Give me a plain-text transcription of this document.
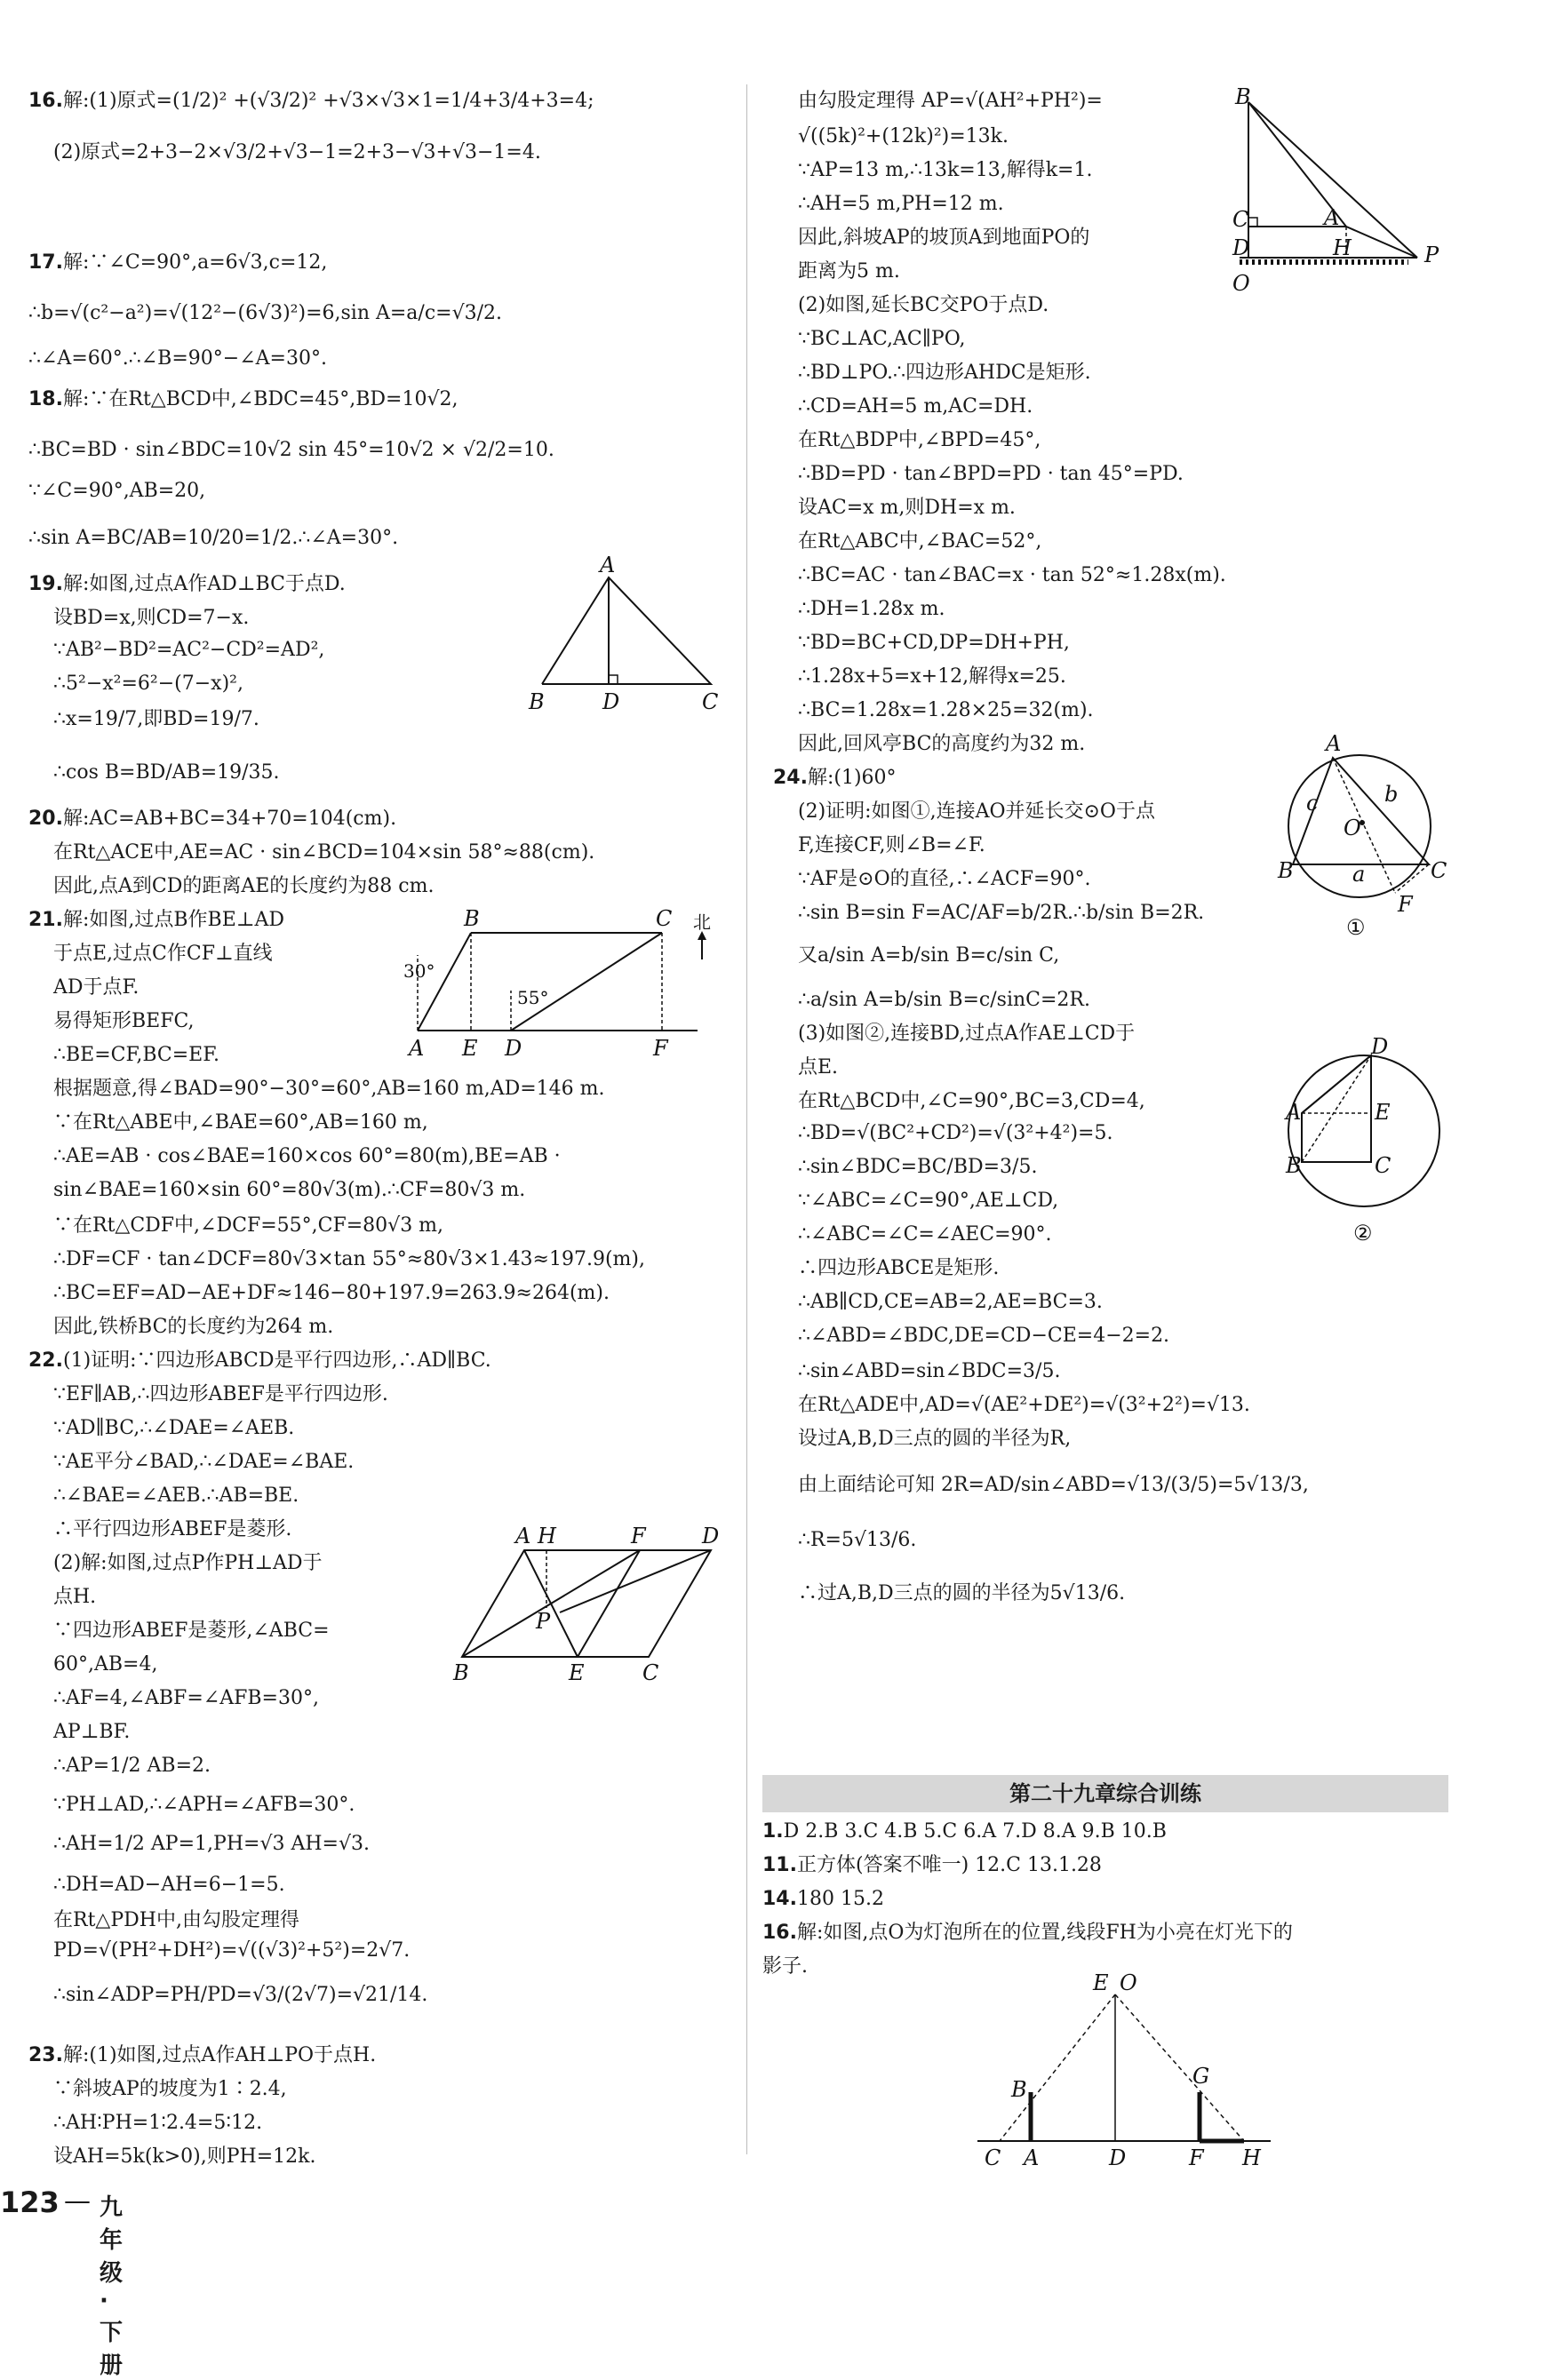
16.解:(1)原式=(1/2)² +(√3/2)² +√3×√3×1=1/4+3/4+3=4;
(2)原式=2+3−2×√3/2+√3−1=2+3−√3+√3−1=4.
17.解:∵∠C=90°,a=6√3,c=12,
∴b=√(c²−a²)=√(12²−(6√3)²)=6,sin A=a/c=√3/2.
∴∠A=60°.∴∠B=90°−∠A=30°.
18.解:∵在Rt△BCD中,∠BDC=45°,BD=10√2,
∴BC=BD · sin∠BDC=10√2 sin 45°=10√2 × √2/2=10.
∵∠C=90°,AB=20,
∴sin A=BC/AB=10/20=1/2.∴∠A=30°.
19.解:如图,过点A作AD⊥BC于点D.
设BD=x,则CD=7−x.
∵AB²−BD²=AC²−CD²=AD²,
∴5²−x²=6²−(7−x)²,
∴x=19/7,即BD=19/7.
∴cos B=BD/AB=19/35.
20.解:AC=AB+BC=34+70=104(cm).
在Rt△ACE中,AE=AC · sin∠BCD=104×sin 58°≈88(cm).
因此,点A到CD的距离AE的长度约为88 cm.
21.解:如图,过点B作BE⊥AD
于点E,过点C作CF⊥直线
AD于点F.
易得矩形BEFC,
∴BE=CF,BC=EF.
根据题意,得∠BAD=90°−30°=60°,AB=160 m,AD=146 m.
∵在Rt△ABE中,∠BAE=60°,AB=160 m,
∴AE=AB · cos∠BAE=160×cos 60°=80(m),BE=AB ·
sin∠BAE=160×sin 60°=80√3(m).∴CF=80√3 m.
∵在Rt△CDF中,∠DCF=55°,CF=80√3 m,
∴DF=CF · tan∠DCF=80√3×tan 55°≈80√3×1.43≈197.9(m),
∴BC=EF=AD−AE+DF≈146−80+197.9=263.9≈264(m).
因此,铁桥BC的长度约为264 m.
22.(1)证明:∵四边形ABCD是平行四边形,∴AD∥BC.
∵EF∥AB,∴四边形ABEF是平行四边形.
∵AD∥BC,∴∠DAE=∠AEB.
∵AE平分∠BAD,∴∠DAE=∠BAE.
∴∠BAE=∠AEB.∴AB=BE.
∴平行四边形ABEF是菱形.
(2)解:如图,过点P作PH⊥AD于
点H.
∵四边形ABEF是菱形,∠ABC=
60°,AB=4,
∴AF=4,∠ABF=∠AFB=30°,
AP⊥BF.
∴AP=1/2 AB=2.
∵PH⊥AD,∴∠APH=∠AFB=30°.
∴AH=1/2 AP=1,PH=√3 AH=√3.
∴DH=AD−AH=6−1=5.
在Rt△PDH中,由勾股定理得
PD=√(PH²+DH²)=√((√3)²+5²)=2√7.
∴sin∠ADP=PH/PD=√3/(2√7)=√21/14.
23.解:(1)如图,过点A作AH⊥PO于点H.
∵斜坡AP的坡度为1∶2.4,
∴AH∶PH=1∶2.4=5∶12.
设AH=5k(k>0),则PH=12k.
由勾股定理得 AP=√(AH²+PH²)=
√((5k)²+(12k)²)=13k.
∵AP=13 m,∴13k=13,解得k=1.
∴AH=5 m,PH=12 m.
因此,斜坡AP的坡顶A到地面PO的
距离为5 m.
(2)如图,延长BC交PO于点D.
∵BC⊥AC,AC∥PO,
∴BD⊥PO.∴四边形AHDC是矩形.
∴CD=AH=5 m,AC=DH.
在Rt△BDP中,∠BPD=45°,
∴BD=PD · tan∠BPD=PD · tan 45°=PD.
设AC=x m,则DH=x m.
在Rt△ABC中,∠BAC=52°,
∴BC=AC · tan∠BAC=x · tan 52°≈1.28x(m).
∴DH=1.28x m.
∵BD=BC+CD,DP=DH+PH,
∴1.28x+5=x+12,解得x=25.
∴BC=1.28x=1.28×25=32(m).
因此,回风亭BC的高度约为32 m.
24.解:(1)60°
(2)证明:如图①,连接AO并延长交⊙O于点
F,连接CF,则∠B=∠F.
∵AF是⊙O的直径,∴∠ACF=90°.
∴sin B=sin F=AC/AF=b/2R.∴b/sin B=2R.
又a/sin A=b/sin B=c/sin C,
∴a/sin A=b/sin B=c/sinC=2R.
(3)如图②,连接BD,过点A作AE⊥CD于
点E.
在Rt△BCD中,∠C=90°,BC=3,CD=4,
∴BD=√(BC²+CD²)=√(3²+4²)=5.
∴sin∠BDC=BC/BD=3/5.
∵∠ABC=∠C=90°,AE⊥CD,
∴∠ABC=∠C=∠AEC=90°.
∴四边形ABCE是矩形.
∴AB∥CD,CE=AB=2,AE=BC=3.
∴∠ABD=∠BDC,DE=CD−CE=4−2=2.
∴sin∠ABD=sin∠BDC=3/5.
在Rt△ADE中,AD=√(AE²+DE²)=√(3²+2²)=√13.
设过A,B,D三点的圆的半径为R,
由上面结论可知 2R=AD/sin∠ABD=√13/(3/5)=5√13/3,
∴R=5√13/6.
∴过A,B,D三点的圆的半径为5√13/6.
第二十九章综合训练
1.D 2.B 3.C 4.B 5.C 6.A 7.D 8.A 9.B 10.B
11.正方体(答案不唯一) 12.C 13.1.28
14.180 15.2
16.解:如图,点O为灯泡所在的位置,线段FH为小亮在灯光下的
影子.
A
B	D	C
B	C 北
30°
55°
A E D	F
A H	F	D
P
B	E	C
B
C	A
D	H	P
O
A
c	b
O
B	a	C
F
①
D
A	E
B	C
②
E O
B
G
C A	D	F H
123 — 九年级 · 下册
